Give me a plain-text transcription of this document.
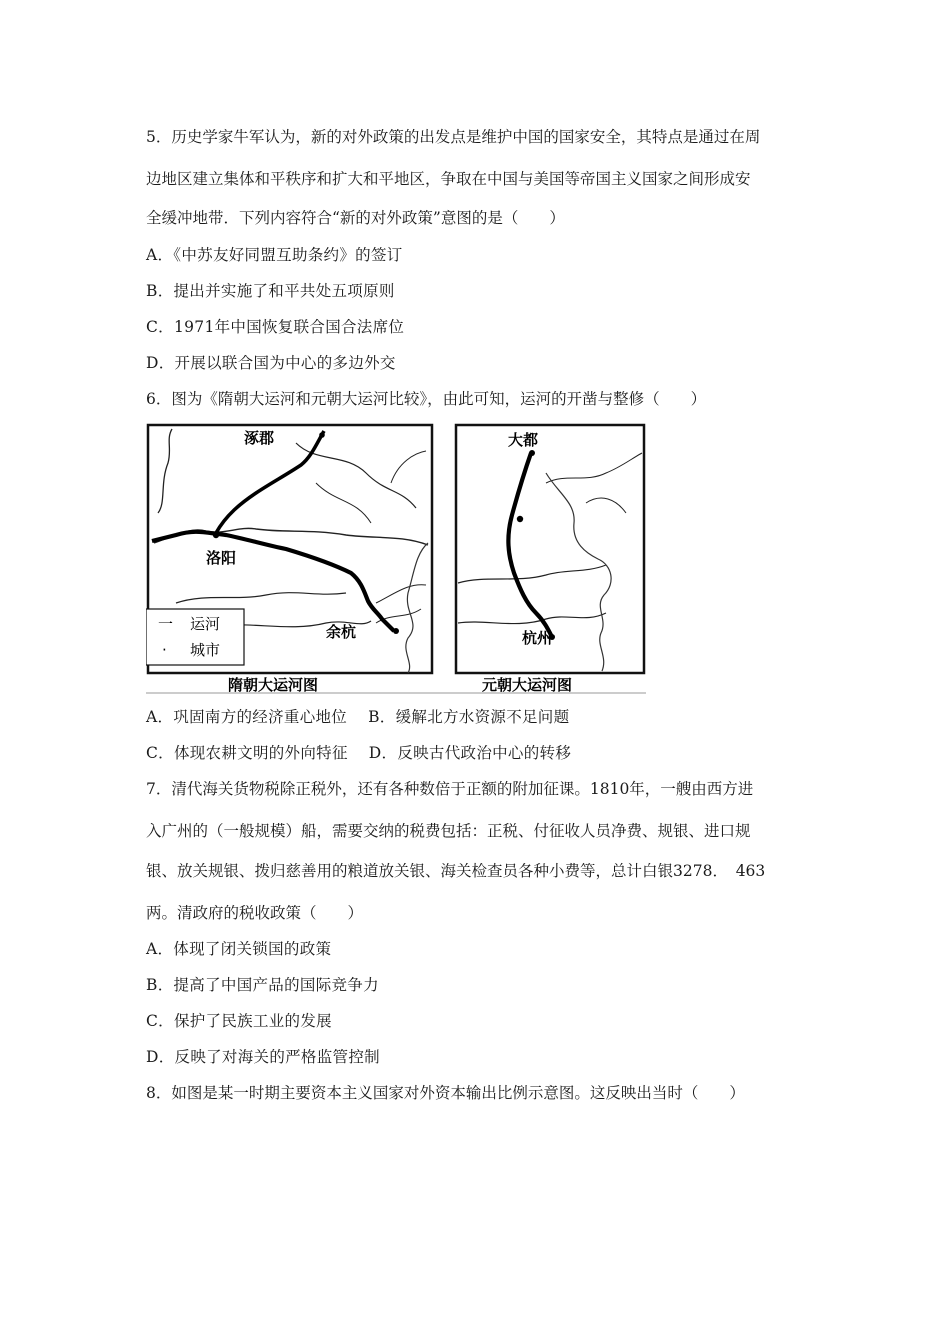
5．历史学家牛军认为，新的对外政策的出发点是维护中国的国家安全，其特点是通过在周
边地区建立集体和平秩序和扩大和平地区，争取在中国与美国等帝国主义国家之间形成安
全缓冲地带．下列内容符合“新的对外政策”意图的是（　　）
A．《中苏友好同盟互助条约》的签订
B．提出并实施了和平共处五项原则
C．1971年中国恢复联合国合法席位
D．开展以联合国为中心的多边外交
6．图为《隋朝大运河和元朝大运河比较》，由此可知，运河的开凿与整修（　　）
涿郡
洛阳
余杭
一 运河
· 城市
大都
杭州
隋朝大运河图	元朝大运河图
A．巩固南方的经济重心地位　 B．缓解北方水资源不足问题
C．体现农耕文明的外向特征　 D．反映古代政治中心的转移
7．清代海关货物税除正税外，还有各种数倍于正额的附加征课。1810年，一艘由西方进
入广州的（一般规模）船，需要交纳的税费包括：正税、付征收人员净费、规银、进口规
银、放关规银、拨归慈善用的粮道放关银、海关检查员各种小费等，总计白银3278．　463
两。清政府的税收政策（　　）
A．体现了闭关锁国的政策
B．提高了中国产品的国际竞争力
C．保护了民族工业的发展
D．反映了对海关的严格监管控制
8．如图是某一时期主要资本主义国家对外资本输出比例示意图。这反映出当时（　　）
